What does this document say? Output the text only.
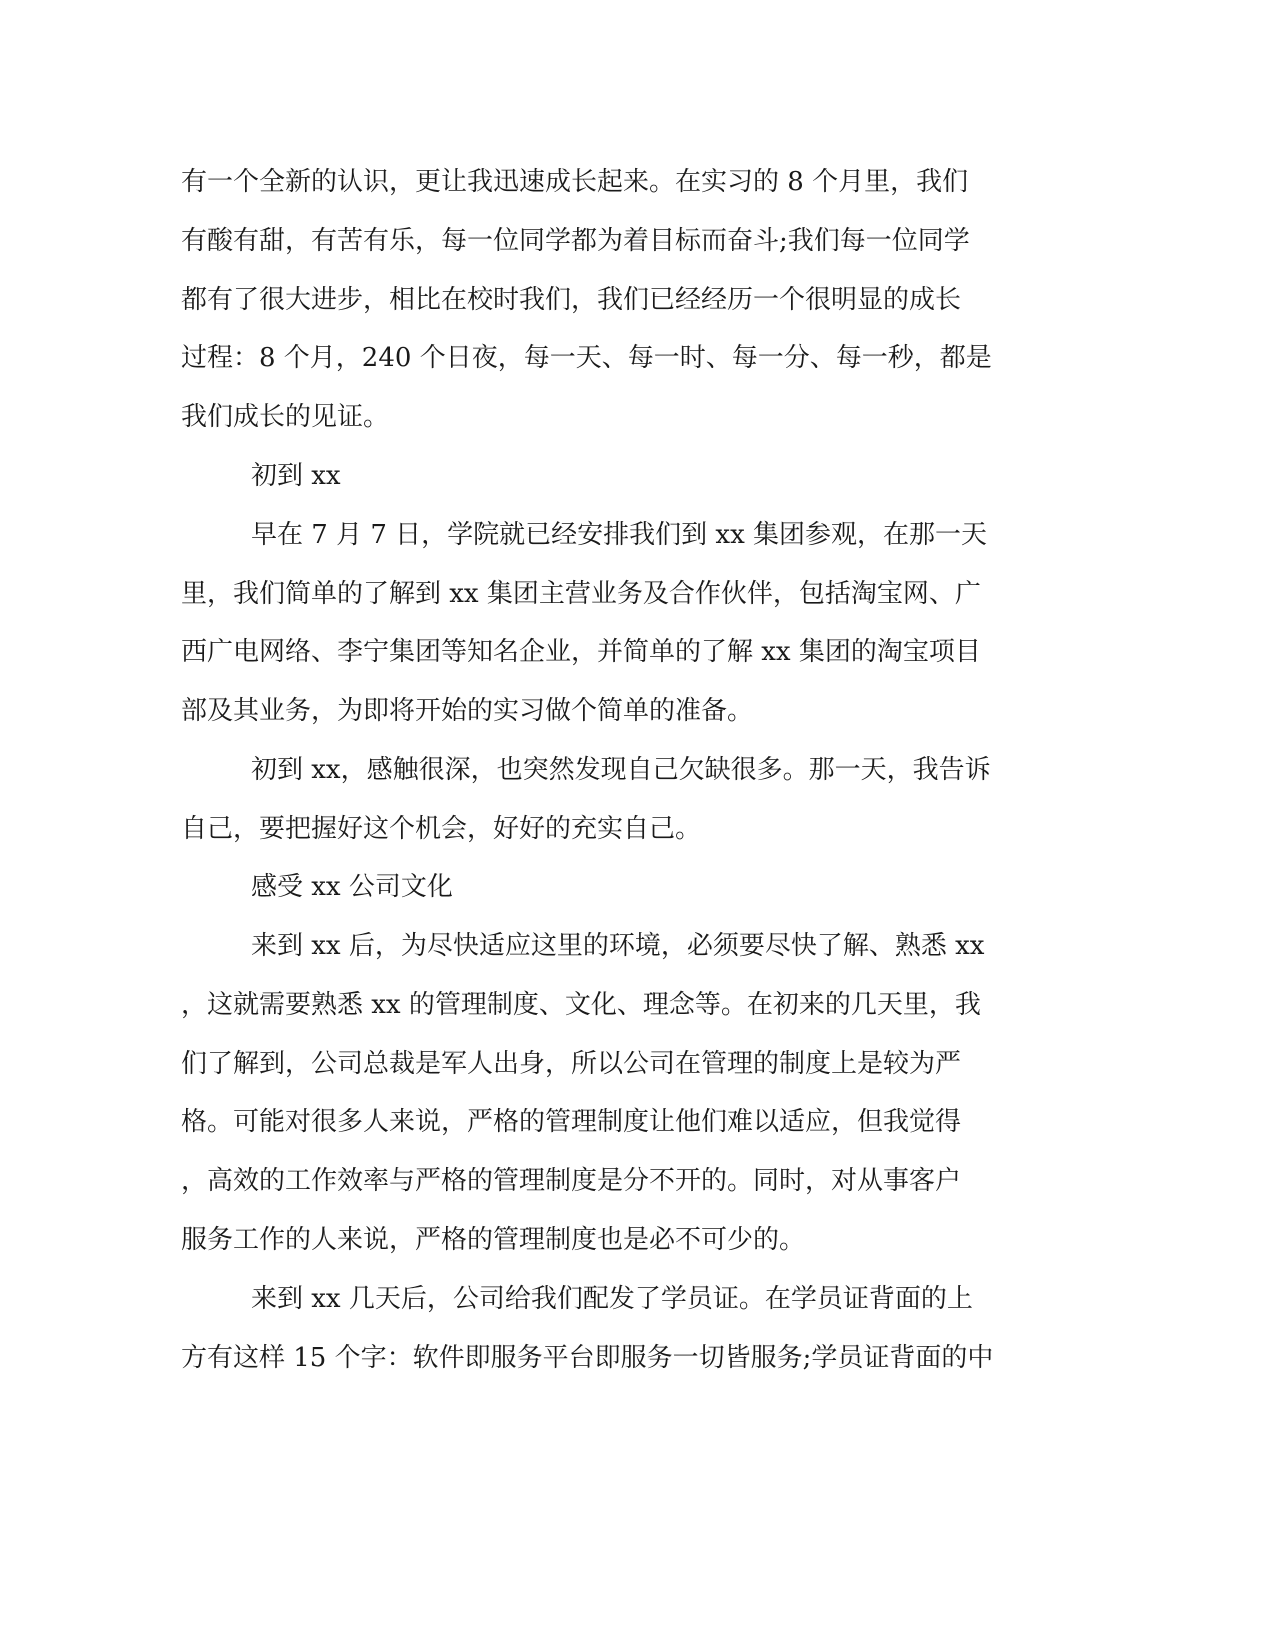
有一个全新的认识，更让我迅速成长起来。在实习的 8 个月里，我们
有酸有甜，有苦有乐，每一位同学都为着目标而奋斗;我们每一位同学
都有了很大进步，相比在校时我们，我们已经经历一个很明显的成长
过程：8 个月，240 个日夜，每一天、每一时、每一分、每一秒，都是
我们成长的见证。
初到 xx
早在 7 月 7 日，学院就已经安排我们到 xx 集团参观，在那一天
里，我们简单的了解到 xx 集团主营业务及合作伙伴，包括淘宝网、广
西广电网络、李宁集团等知名企业，并简单的了解 xx 集团的淘宝项目
部及其业务，为即将开始的实习做个简单的准备。
初到 xx，感触很深，也突然发现自己欠缺很多。那一天，我告诉
自己，要把握好这个机会，好好的充实自己。
感受 xx 公司文化
来到 xx 后，为尽快适应这里的环境，必须要尽快了解、熟悉 xx
，这就需要熟悉 xx 的管理制度、文化、理念等。在初来的几天里，我
们了解到，公司总裁是军人出身，所以公司在管理的制度上是较为严
格。可能对很多人来说，严格的管理制度让他们难以适应，但我觉得
，高效的工作效率与严格的管理制度是分不开的。同时，对从事客户
服务工作的人来说，严格的管理制度也是必不可少的。
来到 xx 几天后，公司给我们配发了学员证。在学员证背面的上
方有这样 15 个字：软件即服务平台即服务一切皆服务;学员证背面的中
